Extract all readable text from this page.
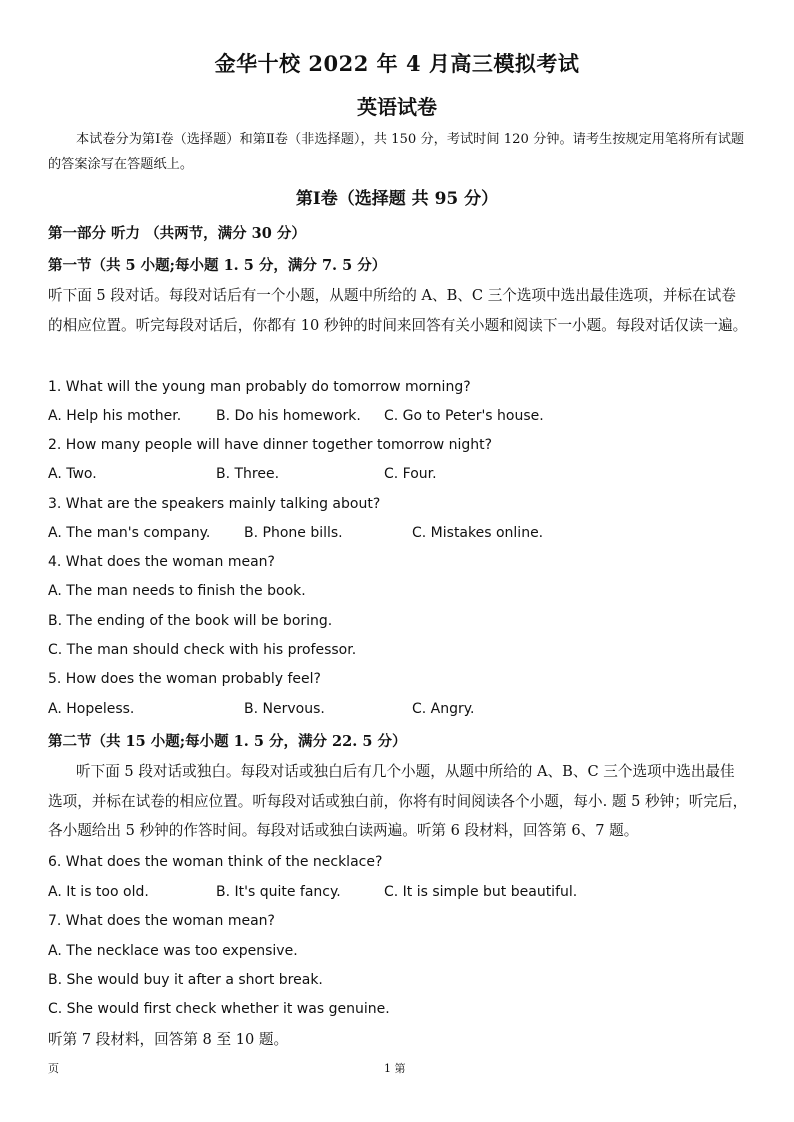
金华十校 2022 年 4 月高三模拟考试
英语试卷
本试卷分为第Ⅰ卷（选择题）和第Ⅱ卷（非选择题），共 150 分，考试时间 120 分钟。请考生按规定用笔将所有试题的答案涂写在答题纸上。
第Ⅰ卷（选择题 共 95 分）
第一部分 听力 （共两节，满分 30 分）
第一节（共 5 小题;每小题 1. 5 分，满分 7. 5 分）
听下面 5 段对话。每段对话后有一个小题，从题中所给的 A、B、C 三个选项中选出最佳选项，并标在试卷的相应位置。听完每段对话后，你都有 10 秒钟的时间来回答有关小题和阅读下一小题。每段对话仅读一遍。
1. What will the young man probably do tomorrow morning?
A. Help his mother. B. Do his homework. C. Go to Peter's house.
2. How many people will have dinner together tomorrow night?
A. Two.	B. Three.	C. Four.
3. What are the speakers mainly talking about?
A. The man's company. B. Phone bills.	C. Mistakes online.
4. What does the woman mean?
A. The man needs to finish the book.
B. The ending of the book will be boring.
C. The man should check with his professor.
5. How does the woman probably feel?
A. Hopeless.	B. Nervous.	C. Angry.
第二节（共 15 小题;每小题 1. 5 分，满分 22. 5 分）
听下面 5 段对话或独白。每段对话或独白后有几个小题，从题中所给的 A、B、C 三个选项中选出最佳选项，并标在试卷的相应位置。听每段对话或独白前，你将有时间阅读各个小题，每小. 题 5 秒钟；听完后，各小题给出 5 秒钟的作答时间。每段对话或独白读两遍。听第 6 段材料，回答第 6、7 题。
6. What does the woman think of the necklace?
A. It is too old.	B. It's quite fancy.	C. It is simple but beautiful.
7. What does the woman mean?
A. The necklace was too expensive.
B. She would buy it after a short break.
C. She would first check whether it was genuine.
听第 7 段材料，回答第 8 至 10 题。
页	1 第
